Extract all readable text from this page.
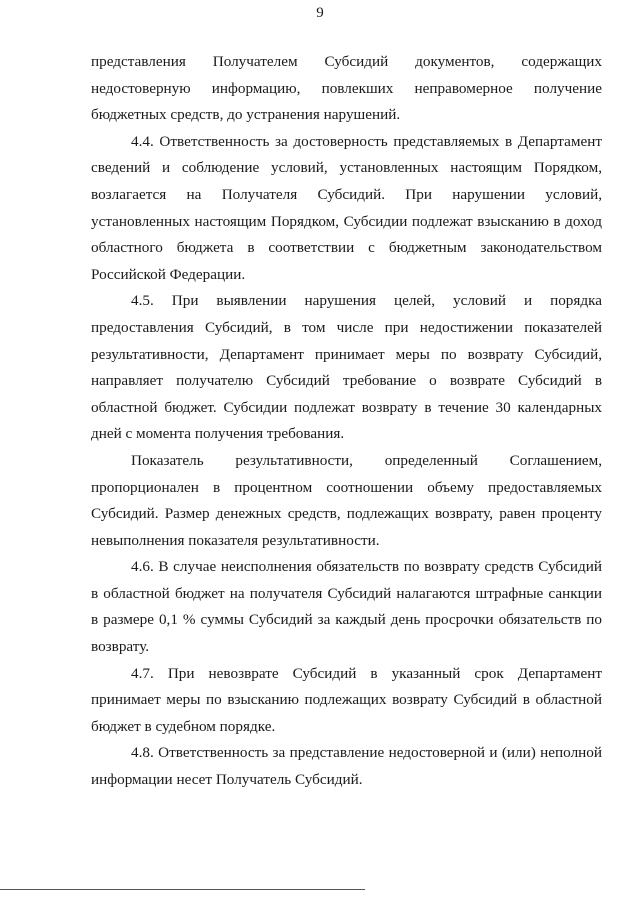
9

представления Получателем Субсидий документов, содержащих недостоверную информацию, повлекших неправомерное получение бюджетных средств, до устранения нарушений.

4.4. Ответственность за достоверность представляемых в Департамент сведений и соблюдение условий, установленных настоящим Порядком, возлагается на Получателя Субсидий. При нарушении условий, установленных настоящим Порядком, Субсидии подлежат взысканию в доход областного бюджета в соответствии с бюджетным законодательством Российской Федерации.

4.5. При выявлении нарушения целей, условий и порядка предоставления Субсидий, в том числе при недостижении показателей результативности, Департамент принимает меры по возврату Субсидий, направляет получателю Субсидий требование о возврате Субсидий в областной бюджет. Субсидии подлежат возврату в течение 30 календарных дней с момента получения требования.

Показатель результативности, определенный Соглашением, пропорционален в процентном соотношении объему предоставляемых Субсидий. Размер денежных средств, подлежащих возврату, равен проценту невыполнения показателя результативности.

4.6. В случае неисполнения обязательств по возврату средств Субсидий в областной бюджет на получателя Субсидий налагаются штрафные санкции в размере 0,1 % суммы Субсидий за каждый день просрочки обязательств по возврату.

4.7. При невозврате Субсидий в указанный срок Департамент принимает меры по взысканию подлежащих возврату Субсидий в областной бюджет в судебном порядке.

4.8. Ответственность за представление недостоверной и (или) неполной информации несет Получатель Субсидий.
